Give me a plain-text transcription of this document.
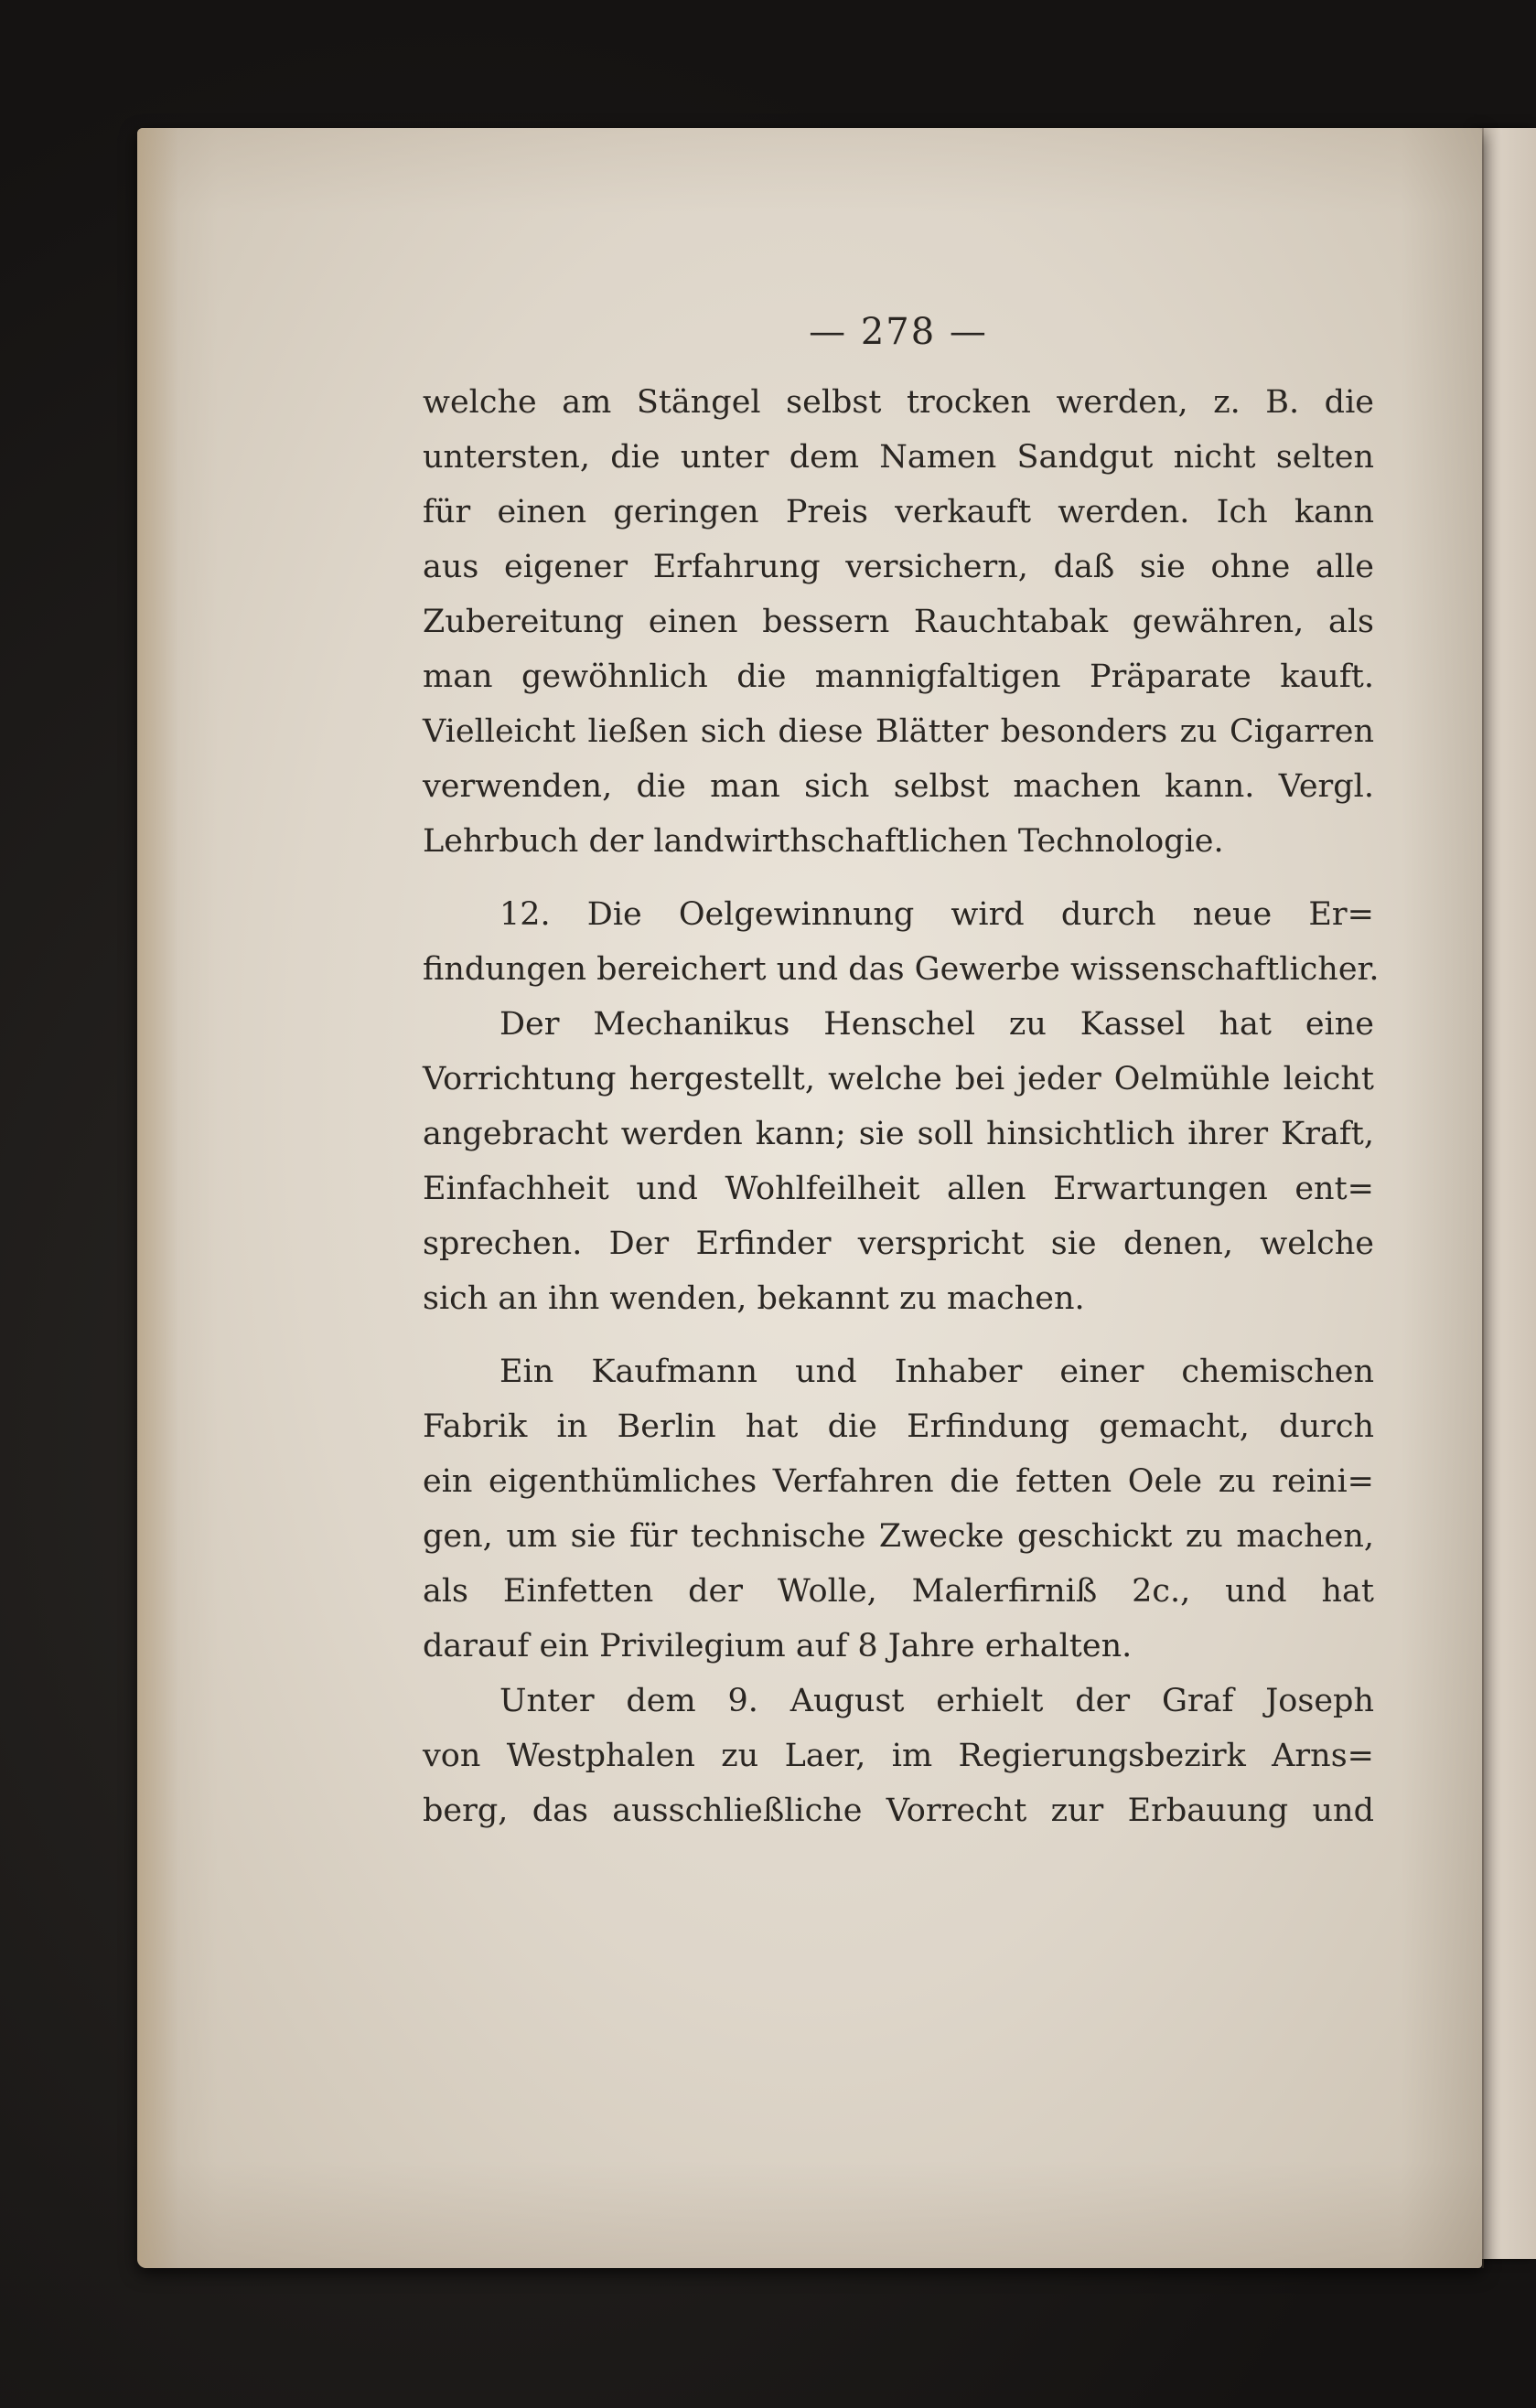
— 278 —
welche am Stängel selbst trocken werden, z. B. die
untersten, die unter dem Namen Sandgut nicht selten
für einen geringen Preis verkauft werden. Ich kann
aus eigener Erfahrung versichern, daß sie ohne alle
Zubereitung einen bessern Rauchtabak gewähren, als
man gewöhnlich die mannigfaltigen Präparate kauft.
Vielleicht ließen sich diese Blätter besonders zu Cigarren
verwenden, die man sich selbst machen kann. Vergl.
Lehrbuch der landwirthschaftlichen Technologie.
12. Die Oelgewinnung wird durch neue Er=
findungen bereichert und das Gewerbe wissenschaftlicher.
Der Mechanikus Henschel zu Kassel hat eine
Vorrichtung hergestellt, welche bei jeder Oelmühle leicht
angebracht werden kann; sie soll hinsichtlich ihrer Kraft,
Einfachheit und Wohlfeilheit allen Erwartungen ent=
sprechen. Der Erfinder verspricht sie denen, welche
sich an ihn wenden, bekannt zu machen.
Ein Kaufmann und Inhaber einer chemischen
Fabrik in Berlin hat die Erfindung gemacht, durch
ein eigenthümliches Verfahren die fetten Oele zu reini=
gen, um sie für technische Zwecke geschickt zu machen,
als Einfetten der Wolle, Malerfirniß 2c., und hat
darauf ein Privilegium auf 8 Jahre erhalten.
Unter dem 9. August erhielt der Graf Joseph
von Westphalen zu Laer, im Regierungsbezirk Arns=
berg, das ausschließliche Vorrecht zur Erbauung und
